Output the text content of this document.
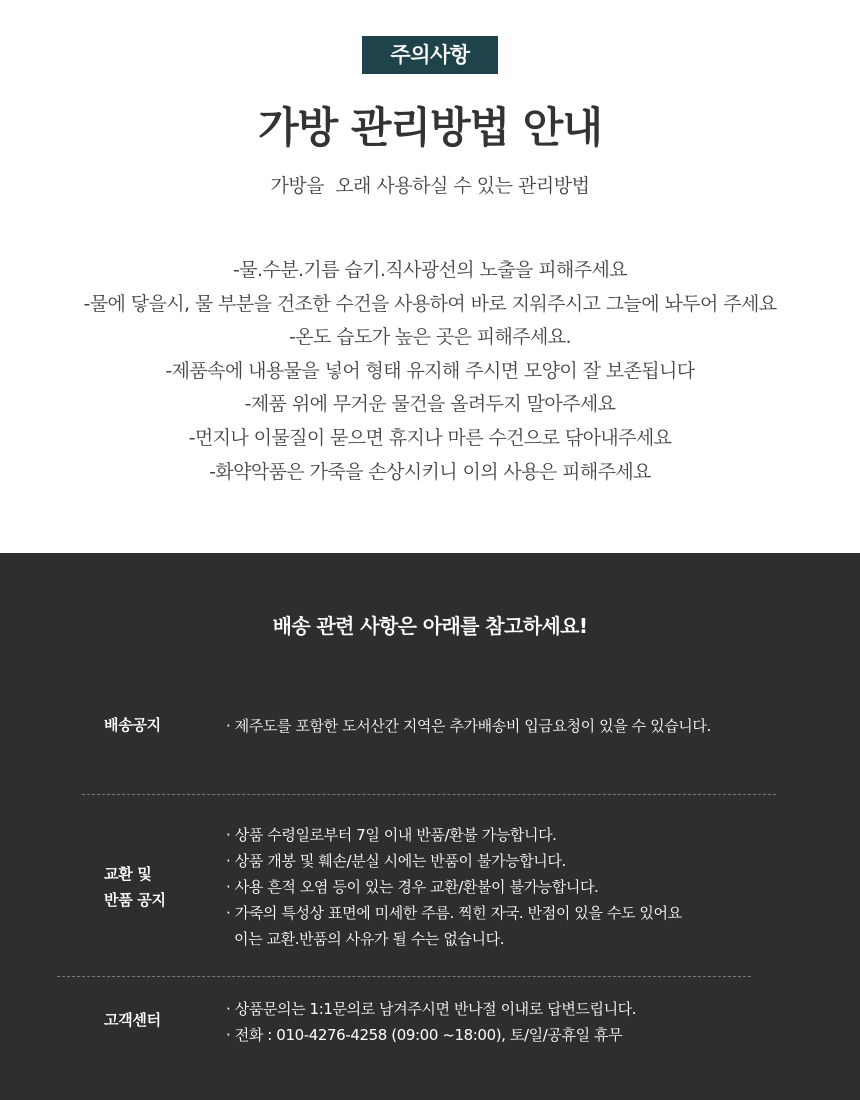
주의사항
가방 관리방법 안내
가방을  오래 사용하실 수 있는 관리방법
-물.수분.기름 습기.직사광선의 노출을 피해주세요
-물에 닿을시, 물 부분을 건조한 수건을 사용하여 바로 지워주시고 그늘에 놔두어 주세요
-온도 습도가 높은 곳은 피해주세요.
-제품속에 내용물을 넣어 형태 유지해 주시면 모양이 잘 보존됩니다
-제품 위에 무거운 물건을 올려두지 말아주세요
-먼지나 이물질이 묻으면 휴지나 마른 수건으로 닦아내주세요
-화약악품은 가죽을 손상시키니 이의 사용은 피해주세요
배송 관련 사항은 아래를 참고하세요!
배송공지	· 제주도를 포함한 도서산간 지역은 추가배송비 입금요청이 있을 수 있습니다.
교환 및
반품 공지
· 상품 수령일로부터 7일 이내 반품/환불 가능합니다.
· 상품 개봉 및 훼손/분실 시에는 반품이 불가능합니다.
· 사용 흔적 오염 등이 있는 경우 교환/환불이 불가능합니다.
· 가죽의 특성상 표면에 미세한 주름. 찍힌 자국. 반점이 있을 수도 있어요
이는 교환.반품의 사유가 될 수는 없습니다.
고객센터
· 상품문의는 1:1문의로 남겨주시면 반나절 이내로 답변드립니다.
· 전화 : 010-4276-4258 (09:00 ~18:00), 토/일/공휴일 휴무
